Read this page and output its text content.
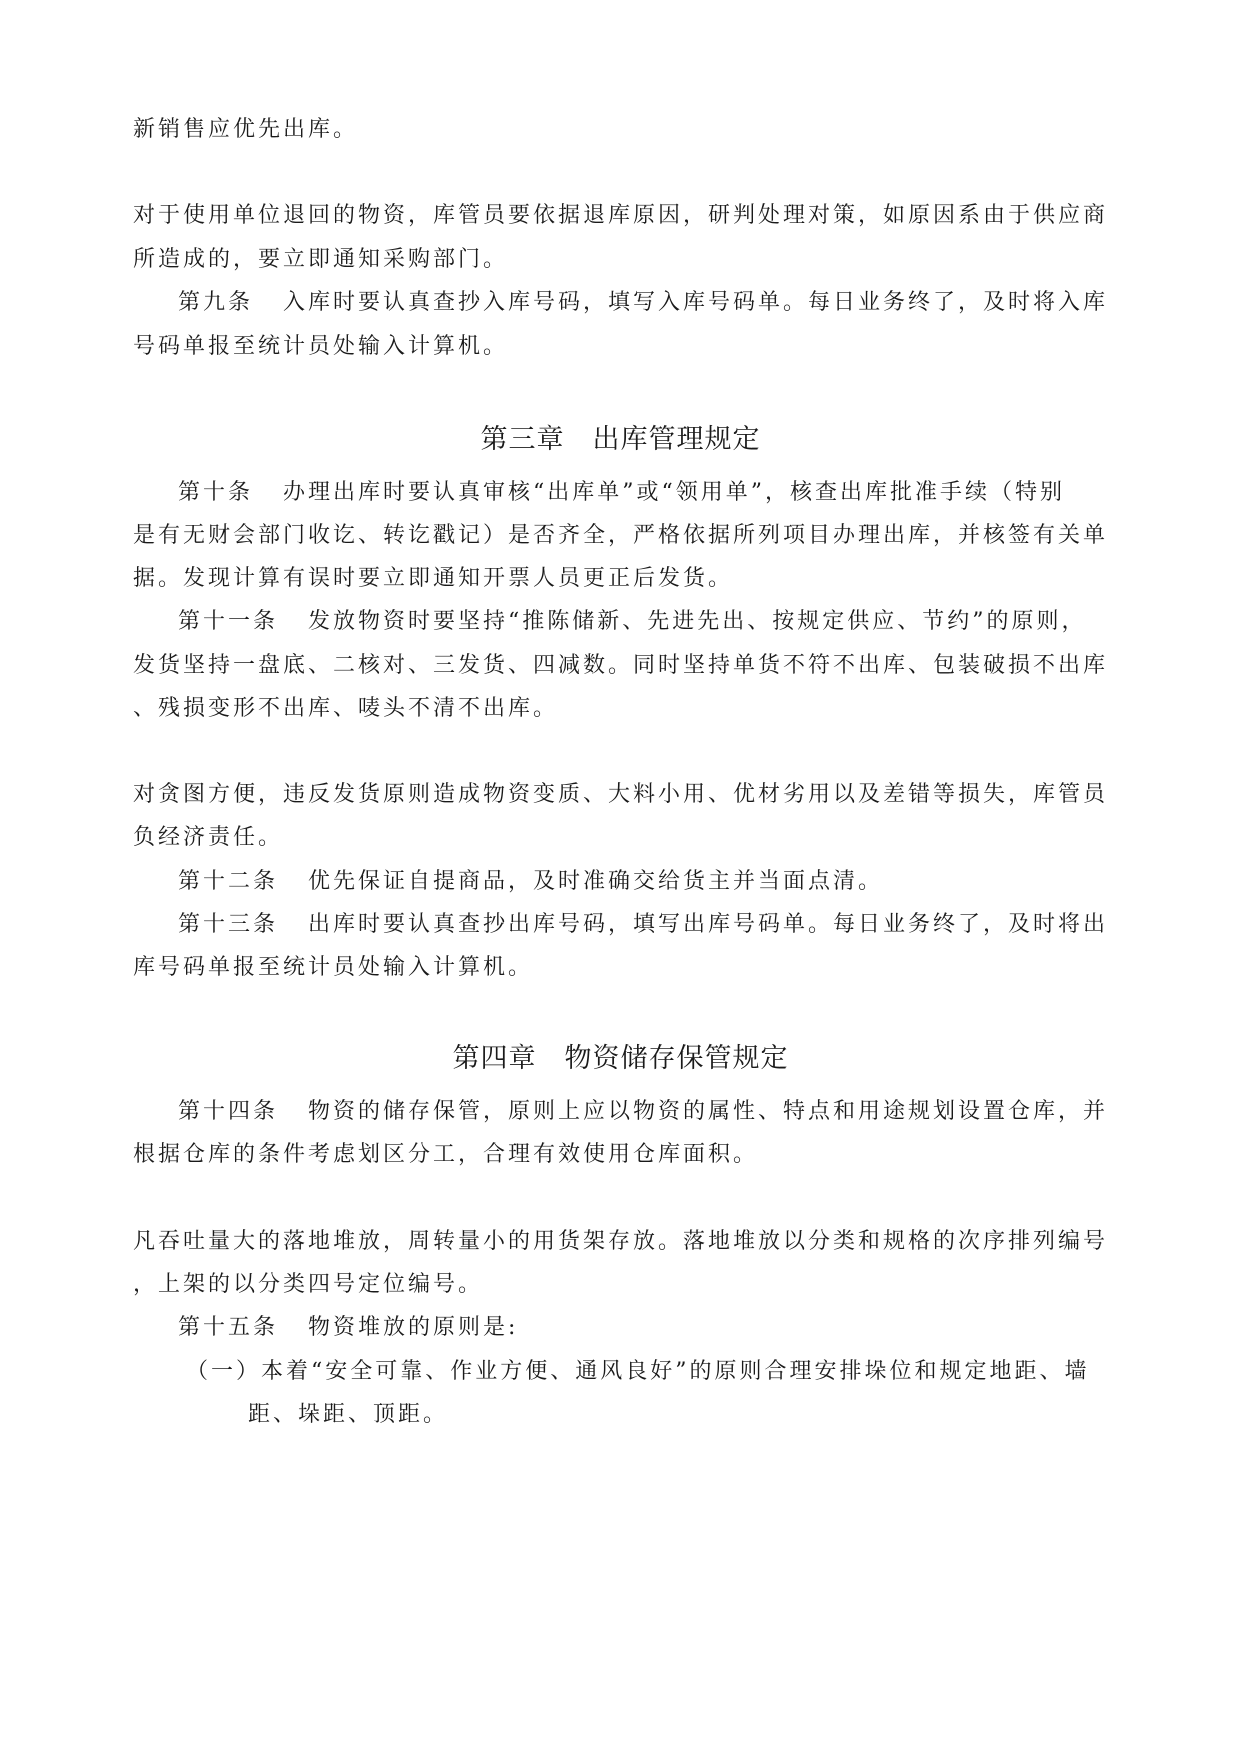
新销售应优先出库。
对于使用单位退回的物资，库管员要依据退库原因，研判处理对策，如原因系由于供应商
所造成的，要立即通知采购部门。
第九条 入库时要认真查抄入库号码，填写入库号码单。每日业务终了，及时将入库
号码单报至统计员处输入计算机。
第三章　出库管理规定
第十条 办理出库时要认真审核“出库单”或“领用单”，核查出库批准手续（特别
是有无财会部门收讫、转讫戳记）是否齐全，严格依据所列项目办理出库，并核签有关单
据。发现计算有误时要立即通知开票人员更正后发货。
第十一条 发放物资时要坚持“推陈储新、先进先出、按规定供应、节约”的原则，
发货坚持一盘底、二核对、三发货、四减数。同时坚持单货不符不出库、包装破损不出库
、残损变形不出库、唛头不清不出库。
对贪图方便，违反发货原则造成物资变质、大料小用、优材劣用以及差错等损失，库管员
负经济责任。
第十二条 优先保证自提商品，及时准确交给货主并当面点清。
第十三条 出库时要认真查抄出库号码，填写出库号码单。每日业务终了，及时将出
库号码单报至统计员处输入计算机。
第四章　物资储存保管规定
第十四条 物资的储存保管，原则上应以物资的属性、特点和用途规划设置仓库，并
根据仓库的条件考虑划区分工，合理有效使用仓库面积。
凡吞吐量大的落地堆放，周转量小的用货架存放。落地堆放以分类和规格的次序排列编号
，上架的以分类四号定位编号。
第十五条 物资堆放的原则是:
（一）本着“安全可靠、作业方便、通风良好”的原则合理安排垛位和规定地距、墙
距、垛距、顶距。
